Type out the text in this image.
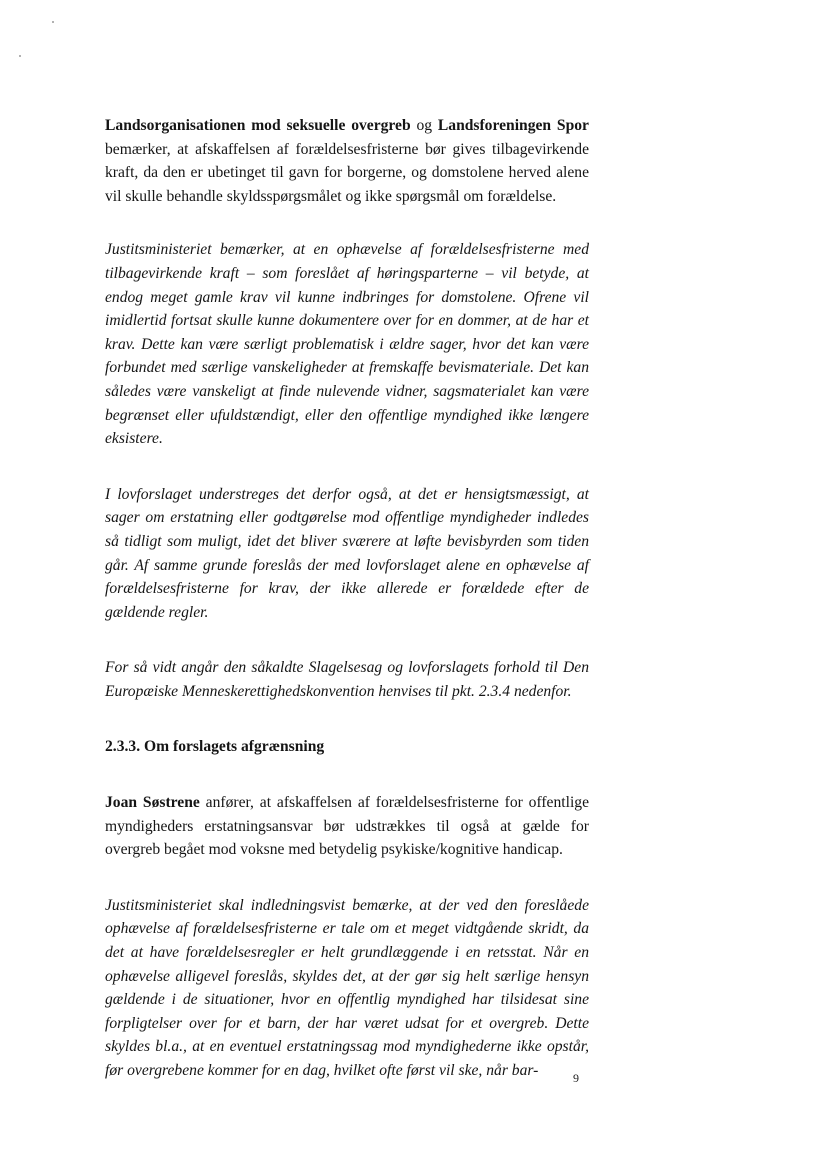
Landsorganisationen mod seksuelle overgreb og Landsforeningen Spor bemærker, at afskaffelsen af forældelsesfristerne bør gives tilbagevirkende kraft, da den er ubetinget til gavn for borgerne, og domstolene herved alene vil skulle behandle skyldsspørgsmålet og ikke spørgsmål om forældelse.

Justitsministeriet bemærker, at en ophævelse af forældelsesfristerne med tilbagevirkende kraft – som foreslået af høringsparterne – vil betyde, at endog meget gamle krav vil kunne indbringes for domstolene. Ofrene vil imidlertid fortsat skulle kunne dokumentere over for en dommer, at de har et krav. Dette kan være særligt problematisk i ældre sager, hvor det kan være forbundet med særlige vanskeligheder at fremskaffe bevismateriale. Det kan således være vanskeligt at finde nulevende vidner, sagsmaterialet kan være begrænset eller ufuldstændigt, eller den offentlige myndighed ikke længere eksistere.

I lovforslaget understreges det derfor også, at det er hensigtsmæssigt, at sager om erstatning eller godtgørelse mod offentlige myndigheder indledes så tidligt som muligt, idet det bliver sværere at løfte bevisbyrden som tiden går. Af samme grunde foreslås der med lovforslaget alene en ophævelse af forældelsesfristerne for krav, der ikke allerede er forældede efter de gældende regler.

For så vidt angår den såkaldte Slagelsesag og lovforslagets forhold til Den Europæiske Menneskerettighedskonvention henvises til pkt. 2.3.4 nedenfor.

2.3.3. Om forslagets afgrænsning

Joan Søstrene anfører, at afskaffelsen af forældelsesfristerne for offentlige myndigheders erstatningsansvar bør udstrækkes til også at gælde for overgreb begået mod voksne med betydelig psykiske/kognitive handicap.

Justitsministeriet skal indledningsvist bemærke, at der ved den foreslåede ophævelse af forældelsesfristerne er tale om et meget vidtgående skridt, da det at have forældelsesregler er helt grundlæggende i en retsstat. Når en ophævelse alligevel foreslås, skyldes det, at der gør sig helt særlige hensyn gældende i de situationer, hvor en offentlig myndighed har tilsidesat sine forpligtelser over for et barn, der har været udsat for et overgreb. Dette skyldes bl.a., at en eventuel erstatningssag mod myndighederne ikke opstår, før overgrebene kommer for en dag, hvilket ofte først vil ske, når bar-	9
